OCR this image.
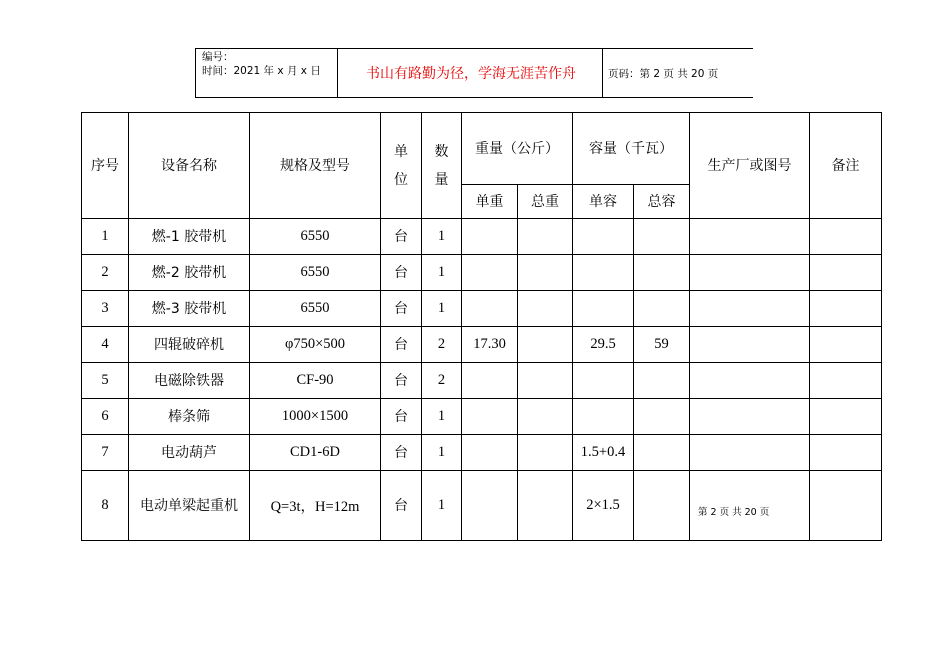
编号：
时间：2021 年 x 月 x 日	书山有路勤为径，学海无涯苦作舟	页码：第 2 页 共 20 页
序号	设备名称	规格及型号	单位	数量	重量（公斤）		容量（千瓦）		生产厂或图号	备注
					单重	总重	单容	总容		
1	燃-1 胶带机	6550	台	1						
2	燃-2 胶带机	6550	台	1						
3	燃-3 胶带机	6550	台	1						
4	四辊破碎机	φ750×500	台	2	17.30		29.5	59		
5	电磁除铁器	CF-90	台	2						
6	棒条筛	1000×1500	台	1						
7	电动葫芦	CD1-6D	台	1			1.5+0.4			
8	电动单梁起重机	Q=3t，H=12m	台	1			2×1.5		第 2 页 共 20 页	
